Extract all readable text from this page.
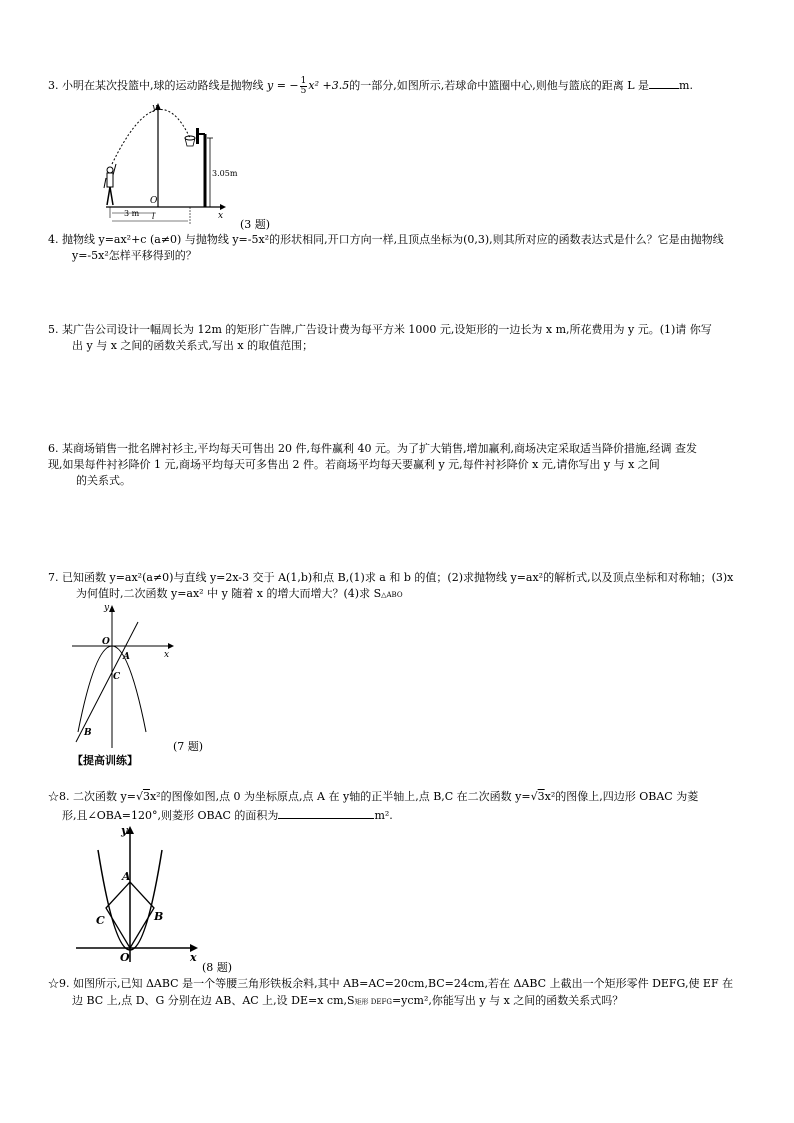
3. 小明在某次投篮中,球的运动路线是抛物线 y = − $\frac{1}{5} x^2 +3.5$的一部分,如图所示,若球命中篮圈中心,则他与篮底的距离 L 是	m.
y
x
O
3.05m
3 m l
(3 题)
4. 抛物线 y=ax²+c (a≠0) 与抛物线 y=-5x²的形状相同,开口方向一样,且顶点坐标为(0,3),则其所对应的函数表达式是什么？它是由抛物线
y=-5x²怎样平移得到的？
5. 某广告公司设计一幅周长为 12m 的矩形广告牌,广告设计费为每平方米 1000 元,设矩形的一边长为 x m,所花费用为 y 元。(1)请 你写
出 y 与 x 之间的函数关系式,写出 x 的取值范围；
6. 某商场销售一批名牌衬衫主,平均每天可售出 20 件,每件赢利 40 元。为了扩大销售,增加赢利,商场决定采取适当降价措施,经调 查发
现,如果每件衬衫降价 1 元,商场平均每天可多售出 2 件。若商场平均每天要赢利 y 元,每件衬衫降价 x 元,请你写出 y 与 x 之间
的关系式。
7. 已知函数 y=ax²(a≠0)与直线 y=2x-3 交于 A(1,b)和点 B,(1)求 a 和 b 的值；(2)求抛物线 y=ax²的解析式,以及顶点坐标和对称轴；(3)x
为何值时,二次函数 y=ax² 中 y 随着 x 的增大而增大？(4)求 S△ABO
y
x
O
A
C
B
(7 题)
【提高训练】
☆8. 二次函数 y=√3x²的图像如图,点 0 为坐标原点,点 A 在 y轴的正半轴上,点 B,C 在二次函数 y=√3x²的图像上,四边形 OBAC 为菱
形,且∠OBA=120°,则菱形 OBAC 的面积为	m².
y
x
O
A
B
C
(8 题)
☆9. 如图所示,已知 ΔABC 是一个等腰三角形铁板余料,其中 AB=AC=20cm,BC=24cm,若在 ΔABC 上截出一个矩形零件 DEFG,使 EF 在
边 BC 上,点 D、G 分别在边 AB、AC 上,设 DE=x cm,S矩形 DEFG=ycm²,你能写出 y 与 x 之间的函数关系式吗？
